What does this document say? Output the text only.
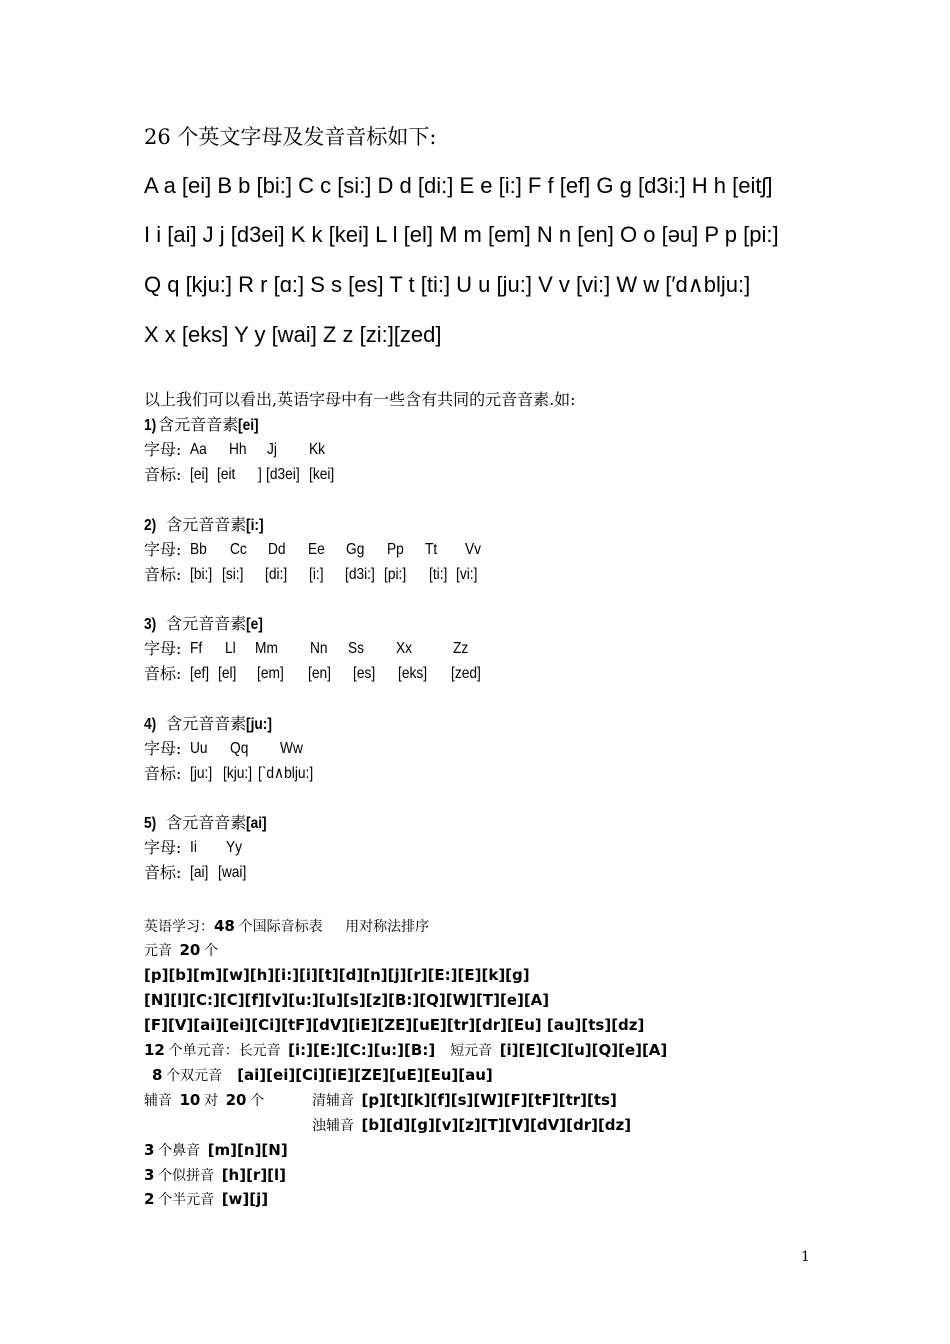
26 个英文字母及发音音标如下:
A a [ei] B b [bi:] C c [si:] D d [di:] E e [i:] F f [ef] G g [d3i:] H h [eitʃ]
I i [ai] J j [d3ei] K k [kei] L l [el] M m [em] N n [en] O o [əu] P p [pi:]
Q q [kju:] R r [ɑ:] S s [es] T t [ti:] U u [ju:] V v [vi:] W w [′d∧blju:]
X x [eks] Y y [wai] Z z [zi:][zed]
以上我们可以看出,英语字母中有一些含有共同的元音音素.如:
1) 含元音音素[ei]
字母: Aa Hh Jj Kk
音标: [ei] [eit ] [d3ei] [kei]
2) 含元音音素[i:]
字母: Bb Cc Dd Ee Gg Pp Tt Vv
音标: [bi:] [si:] [di:] [i:] [d3i:] [pi:] [ti:] [vi:]
3) 含元音音素[e]
字母: Ff Ll Mm Nn Ss Xx	Zz
音标: [ef] [el] [em] [en] [es] [eks] [zed]
4) 含元音音素[ju:]
字母: Uu Qq Ww
音标: [ju:] [kju:] [`d∧blju:]
5) 含元音音素[ai]
字母: Ii Yy
音标: [ai] [wai]
英语学习：48 个国际音标表 用对称法排序
元音 20 个
[p][b][m][w][h][i:][i][t][d][n][j][r][E:][E][k][g]
[N][l][C:][C][f][v][u:][u][s][z][B:][Q][W][T][e][A]
[F][V][ai][ei][Ci][tF][dV][iE][ZE][uE][tr][dr][Eu] [au][ts][dz]
12 个单元音：长元音 [i:][E:][C:][u:][B:] 短元音 [i][E][C][u][Q][e][A]
8 个双元音 [ai][ei][Ci][iE][ZE][uE][Eu][au]
辅音 10 对 20 个	清辅音 [p][t][k][f][s][W][F][tF][tr][ts]
浊辅音 [b][d][g][v][z][T][V][dV][dr][dz]
3 个鼻音 [m][n][N]
3 个似拼音 [h][r][l]
2 个半元音 [w][j]
1
